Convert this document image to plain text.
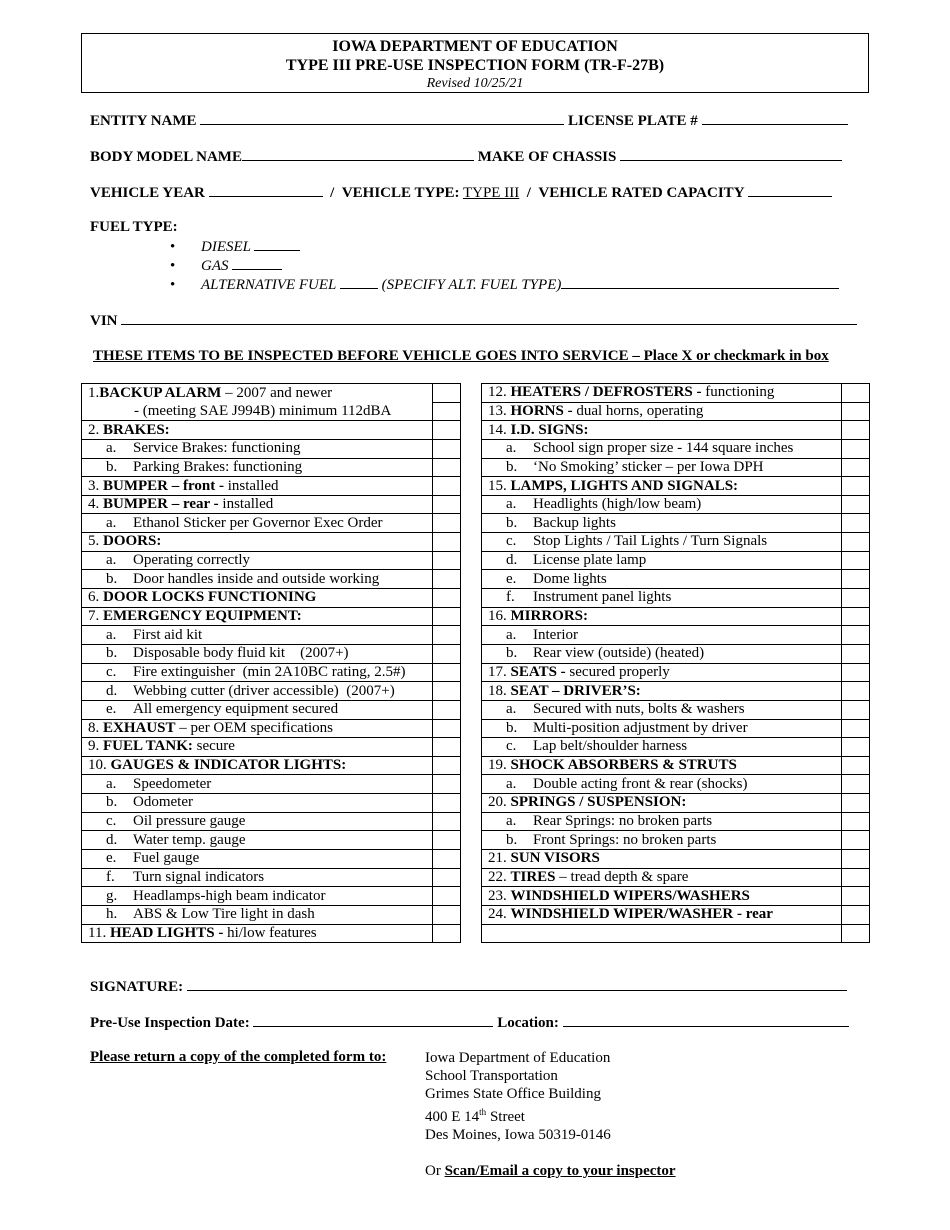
IOWA DEPARTMENT OF EDUCATION
TYPE III PRE-USE INSPECTION FORM (TR-F-27B)
Revised 10/25/21
ENTITY NAME	LICENSE PLATE #
BODY MODEL NAME	MAKE OF CHASSIS
VEHICLE YEAR	/  VEHICLE TYPE: TYPE III  /  VEHICLE RATED CAPACITY
FUEL TYPE:
• DIESEL
• GAS
• ALTERNATIVE FUEL	(SPECIFY ALT. FUEL TYPE)
VIN
THESE ITEMS TO BE INSPECTED BEFORE VEHICLE GOES INTO SERVICE – Place X or checkmark in box
1.BACKUP ALARM – 2007 and newer	
- (meeting SAE J994B) minimum 112dBA	
2. BRAKES:	
a. Service Brakes: functioning	
b. Parking Brakes: functioning	
3. BUMPER – front - installed	
4. BUMPER – rear - installed	
a. Ethanol Sticker per Governor Exec Order	
5. DOORS:	
a. Operating correctly	
b. Door handles inside and outside working	
6. DOOR LOCKS FUNCTIONING	
7. EMERGENCY EQUIPMENT:	
a. First aid kit	
b. Disposable body fluid kit    (2007+)	
c. Fire extinguisher  (min 2A10BC rating, 2.5#)	
d. Webbing cutter (driver accessible)  (2007+)	
e. All emergency equipment secured	
8. EXHAUST – per OEM specifications	
9. FUEL TANK: secure	
10. GAUGES & INDICATOR LIGHTS:	
a. Speedometer	
b. Odometer	
c. Oil pressure gauge	
d. Water temp. gauge	
e. Fuel gauge	
f. Turn signal indicators	
g. Headlamps-high beam indicator	
h. ABS & Low Tire light in dash	
11. HEAD LIGHTS - hi/low features	
12. HEATERS / DEFROSTERS - functioning	
13. HORNS - dual horns, operating	
14. I.D. SIGNS:	
a. School sign proper size - 144 square inches	
b. ‘No Smoking’ sticker – per Iowa DPH	
15. LAMPS, LIGHTS AND SIGNALS:	
a. Headlights (high/low beam)	
b. Backup lights	
c. Stop Lights / Tail Lights / Turn Signals	
d. License plate lamp	
e. Dome lights	
f. Instrument panel lights	
16. MIRRORS:	
a. Interior	
b. Rear view (outside) (heated)	
17. SEATS - secured properly	
18. SEAT – DRIVER’S:	
a. Secured with nuts, bolts & washers	
b. Multi-position adjustment by driver	
c. Lap belt/shoulder harness	
19. SHOCK ABSORBERS & STRUTS	
a. Double acting front & rear (shocks)	
20. SPRINGS / SUSPENSION:	
a. Rear Springs: no broken parts	
b. Front Springs: no broken parts	
21. SUN VISORS	
22. TIRES – tread depth & spare	
23. WINDSHIELD WIPERS/WASHERS	
24. WINDSHIELD WIPER/WASHER - rear	

SIGNATURE:
Pre-Use Inspection Date:	Location:
Please return a copy of the completed form to:	Iowa Department of Education
School Transportation
Grimes State Office Building
400 E 14th Street
Des Moines, Iowa 50319-0146
Or Scan/Email a copy to your inspector
